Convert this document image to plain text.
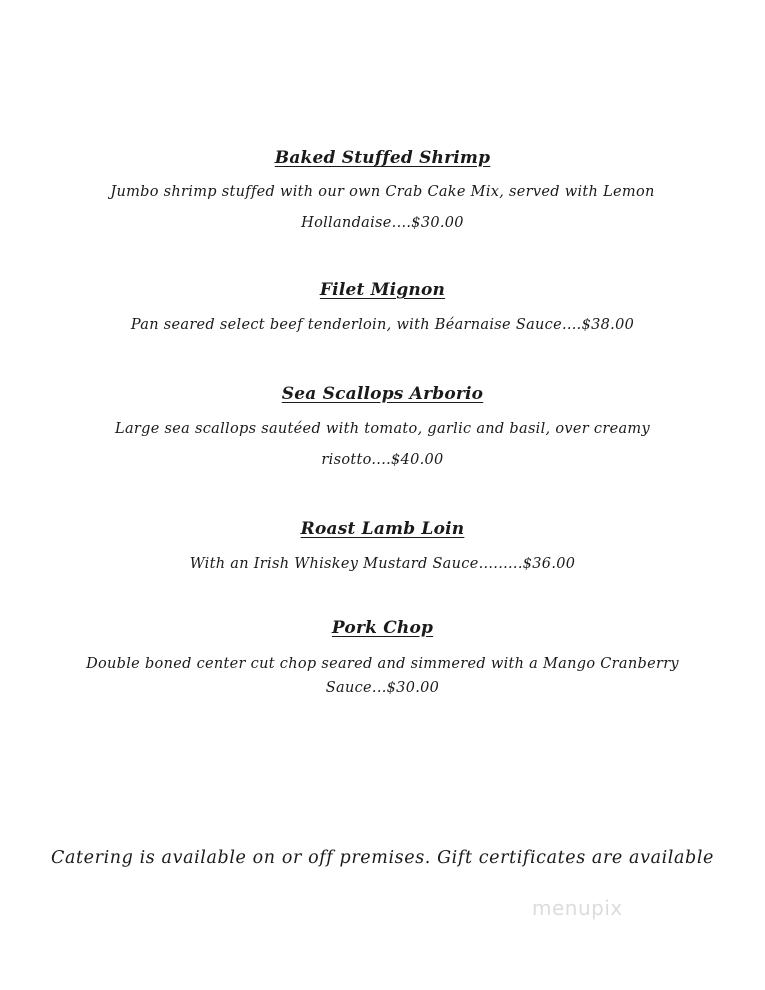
Baked Stuffed Shrimp
Jumbo shrimp stuffed with our own Crab Cake Mix, served with Lemon Hollandaise....$30.00
Filet Mignon
Pan seared select beef tenderloin, with Béarnaise Sauce....$38.00
Sea Scallops Arborio
Large sea scallops sautéed with tomato, garlic and basil, over creamy risotto....$40.00
Roast Lamb Loin
With an Irish Whiskey Mustard Sauce.........$36.00
Pork Chop
Double boned center cut chop seared and simmered with a Mango Cranberry Sauce...$30.00
Catering is available on or off premises. Gift certificates are available
menupix
